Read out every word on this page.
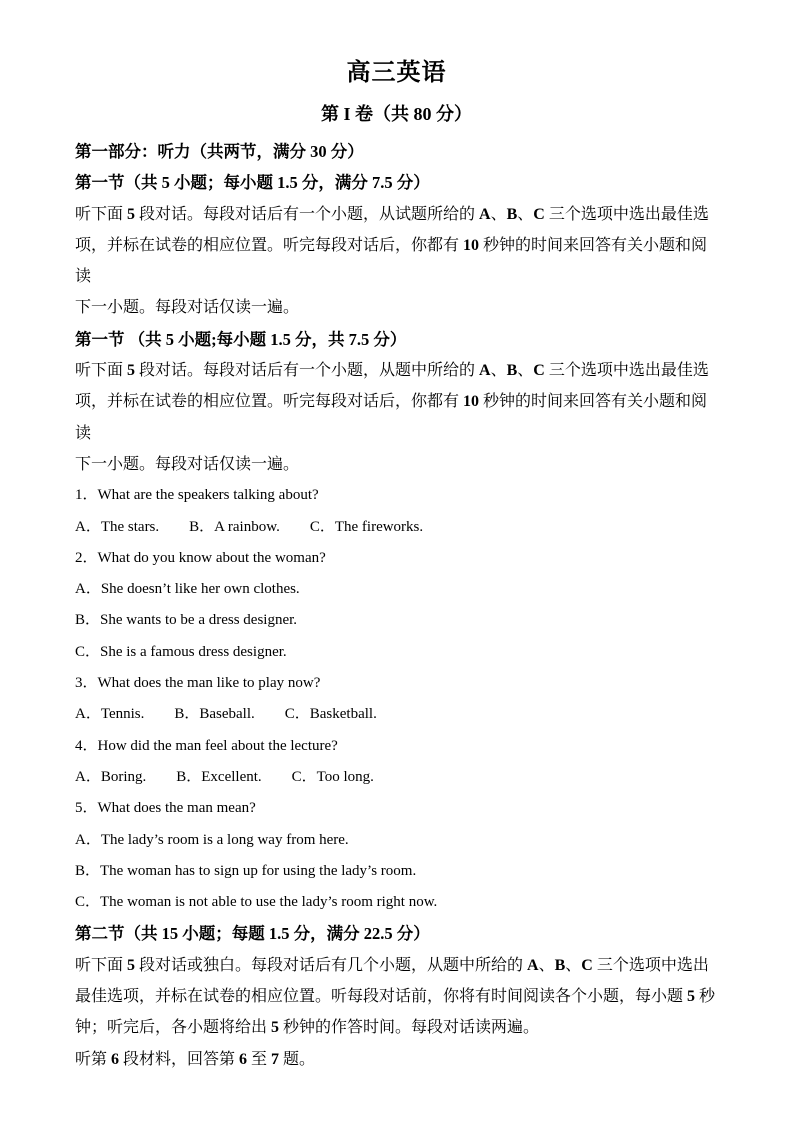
高三英语
第 I 卷（共 80 分）
第一部分：听力（共两节，满分 30 分）
第一节（共 5 小题；每小题 1.5 分，满分 7.5 分）
听下面 5 段对话。每段对话后有一个小题，从试题所给的 A、B、C 三个选项中选出最佳选
项，并标在试卷的相应位置。听完每段对话后，你都有 10 秒钟的时间来回答有关小题和阅读
下一小题。每段对话仅读一遍。
第一节 （共 5 小题;每小题 1.5 分，共 7.5 分）
听下面 5 段对话。每段对话后有一个小题，从题中所给的 A、B、C 三个选项中选出最佳选
项，并标在试卷的相应位置。听完每段对话后，你都有 10 秒钟的时间来回答有关小题和阅读
下一小题。每段对话仅读一遍。
1．What are the speakers talking about?
A．The stars.　　B．A rainbow.　　C．The fireworks.
2．What do you know about the woman?
A．She doesn’t like her own clothes.
B．She wants to be a dress designer.
C．She is a famous dress designer.
3．What does the man like to play now?
A．Tennis.　　B．Baseball.　　C．Basketball.
4．How did the man feel about the lecture?
A．Boring.　　B．Excellent.　　C．Too long.
5．What does the man mean?
A．The lady’s room is a long way from here.
B．The woman has to sign up for using the lady’s room.
C．The woman is not able to use the lady’s room right now.
第二节（共 15 小题；每题 1.5 分，满分 22.5 分）
听下面 5 段对话或独白。每段对话后有几个小题，从题中所给的 A、B、C 三个选项中选出
最佳选项，并标在试卷的相应位置。听每段对话前，你将有时间阅读各个小题，每小题 5 秒
钟；听完后，各小题将给出 5 秒钟的作答时间。每段对话读两遍。
听第 6 段材料，回答第 6 至 7 题。
